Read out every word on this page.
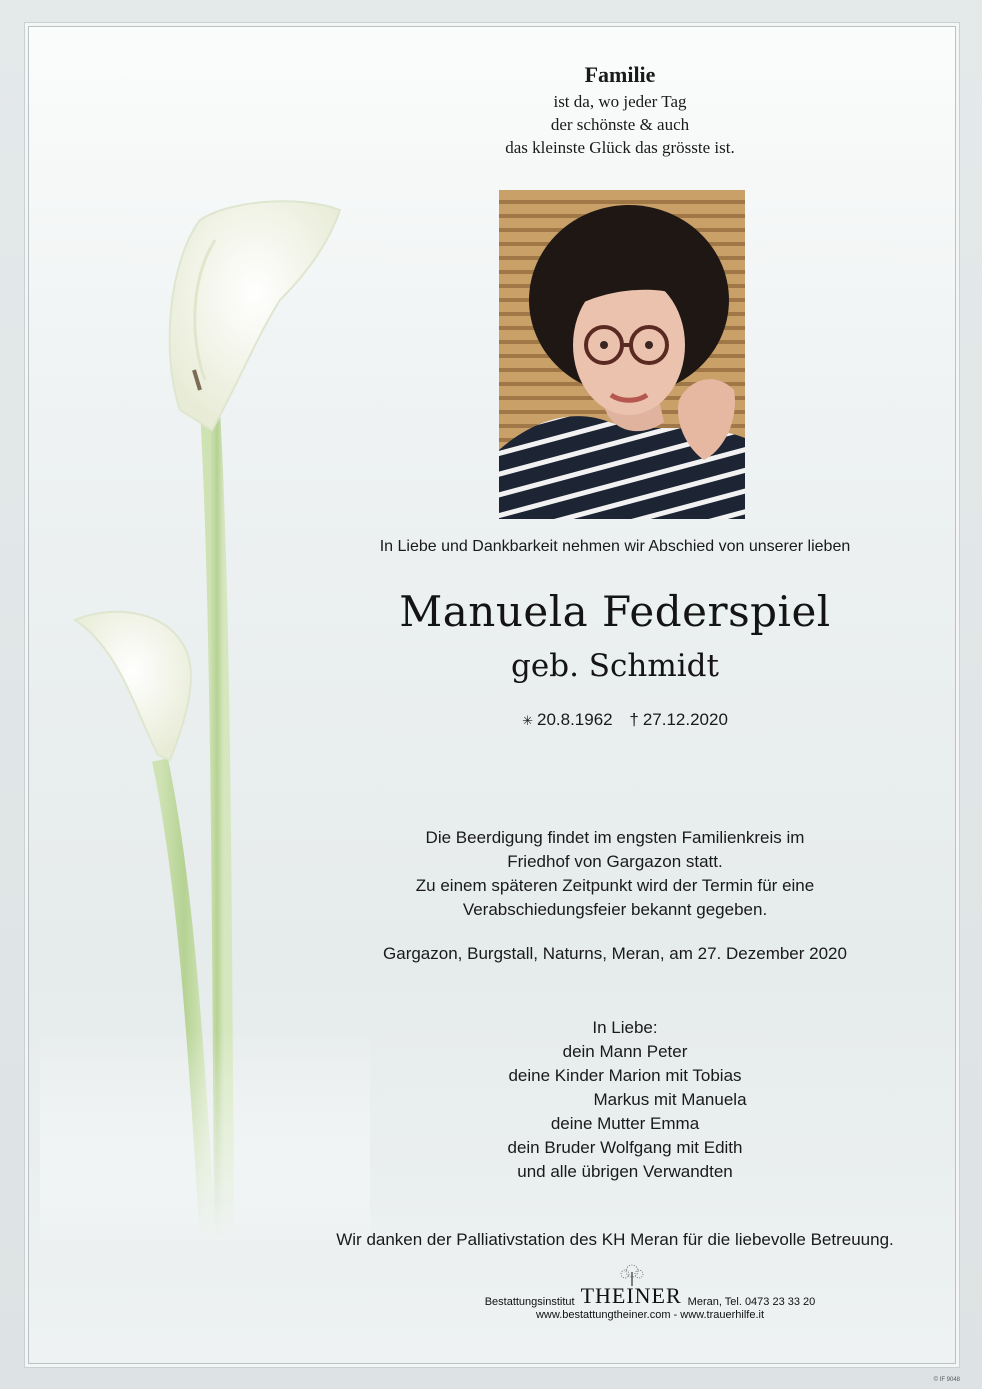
Familie
ist da, wo jeder Tag
der schönste & auch
das kleinste Glück das grösste ist.
In Liebe und Dankbarkeit nehmen wir Abschied von unserer lieben
Manuela Federspiel
geb. Schmidt
✳ 20.8.1962 † 27.12.2020
Die Beerdigung findet im engsten Familienkreis im
Friedhof von Gargazon statt.
Zu einem späteren Zeitpunkt wird der Termin für eine
Verabschiedungsfeier bekannt gegeben.
Gargazon, Burgstall, Naturns, Meran, am 27. Dezember 2020
In Liebe:
dein Mann Peter
deine Kinder Marion mit Tobias
Markus mit Manuela
deine Mutter Emma
dein Bruder Wolfgang mit Edith
und alle übrigen Verwandten
Wir danken der Palliativstation des KH Meran für die liebevolle Betreuung.
Bestattungsinstitut THEINER Meran, Tel. 0473 23 33 20
www.bestattungtheiner.com - www.trauerhilfe.it
© IF 9048
